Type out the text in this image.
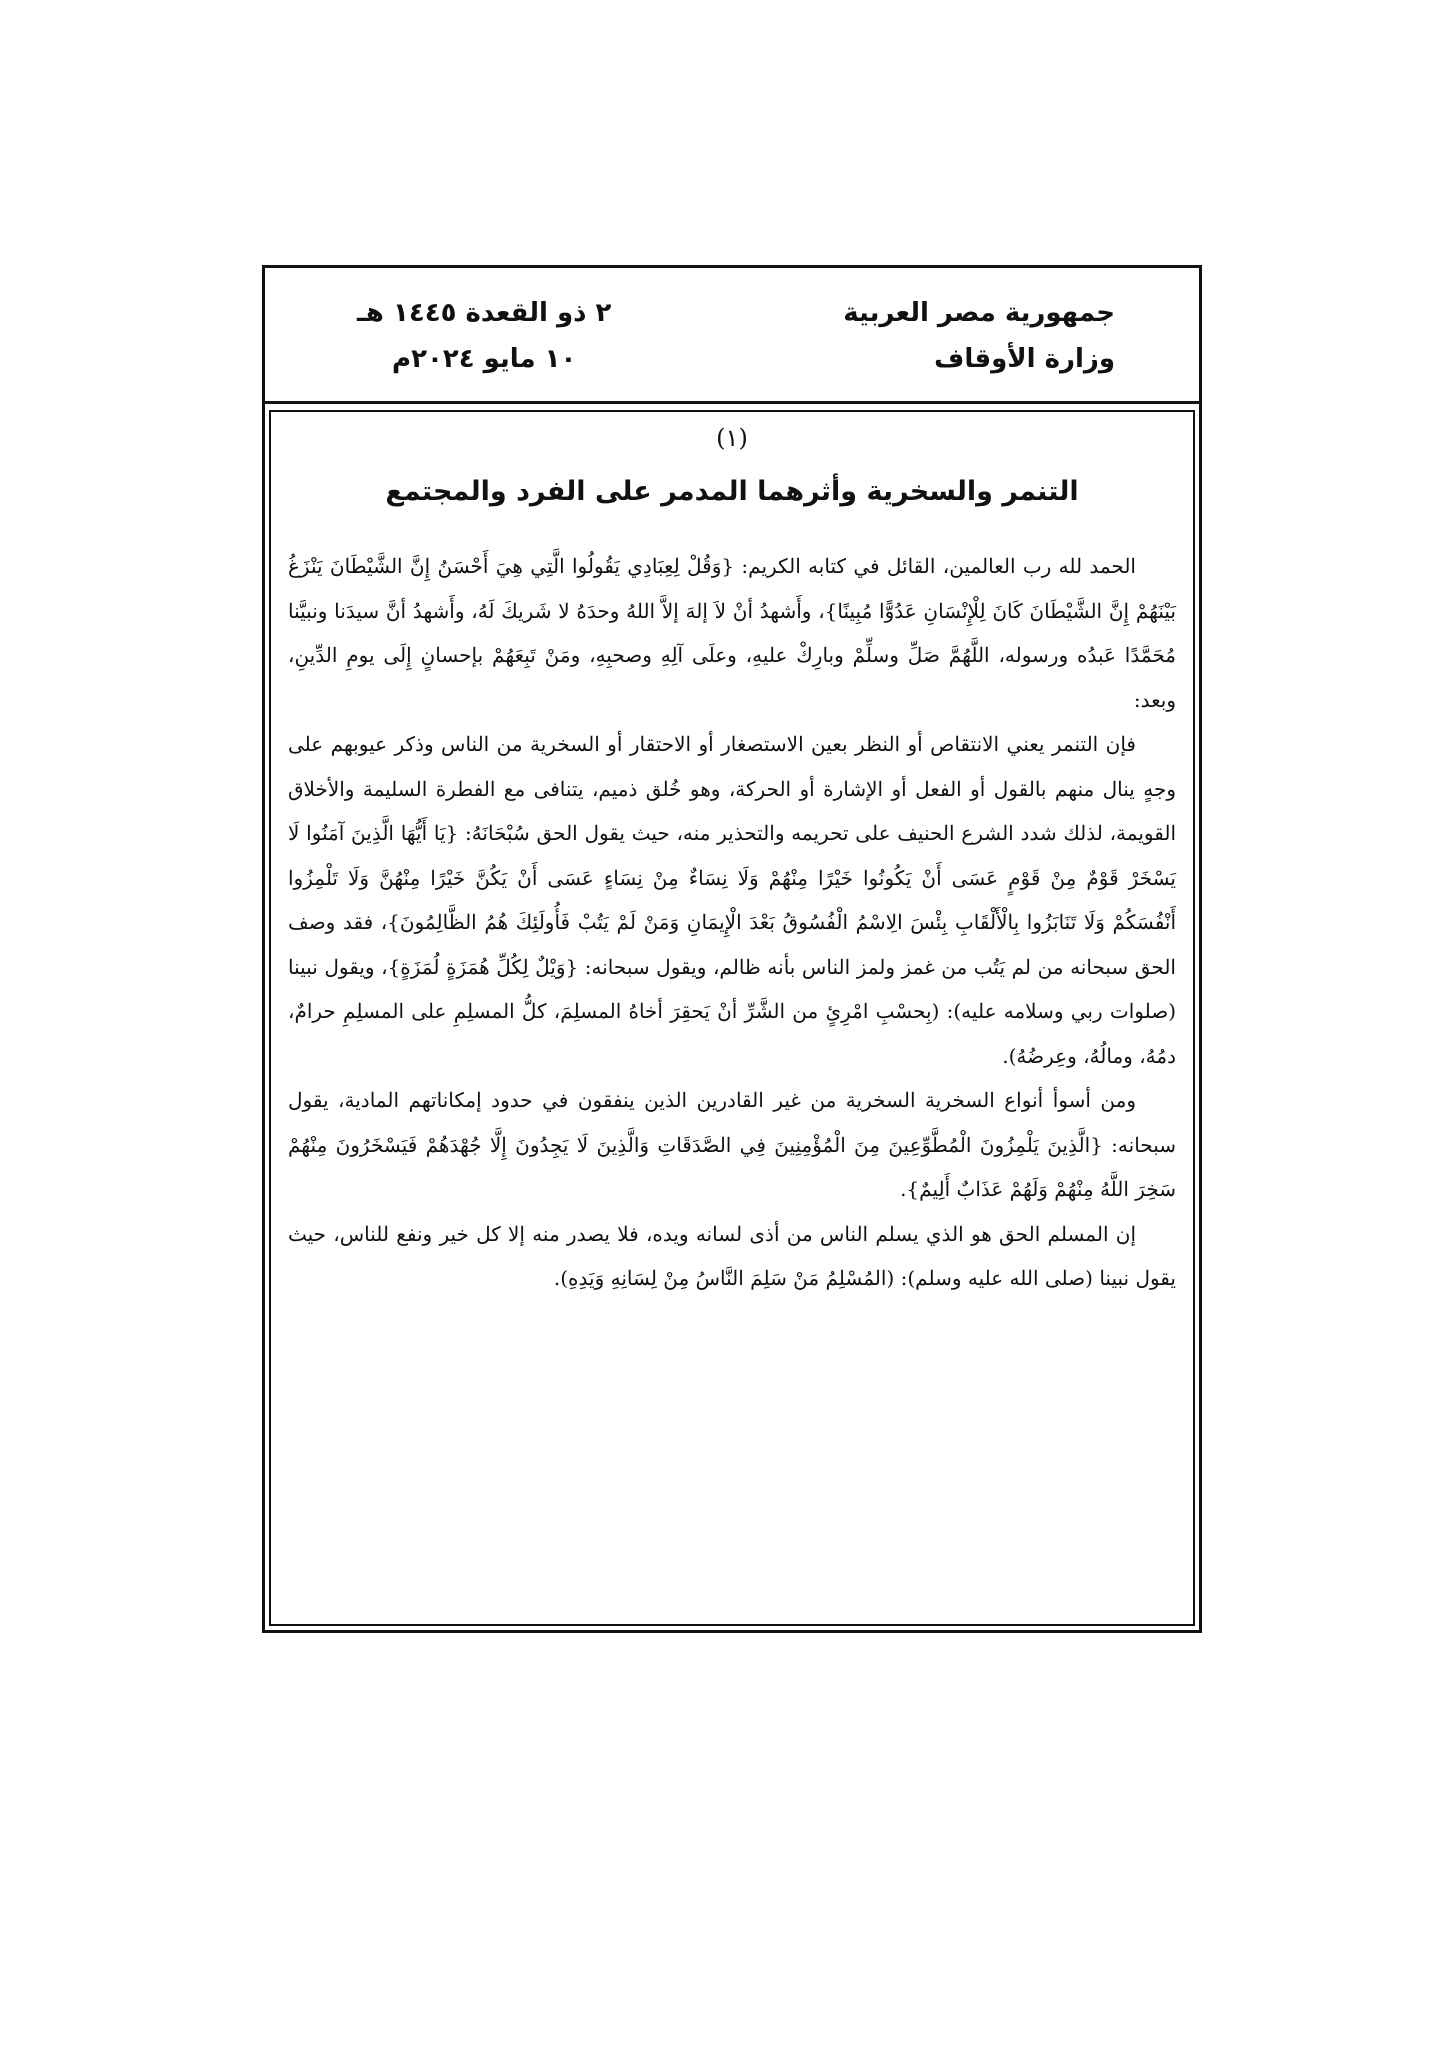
جمهورية مصر العربية
وزارة الأوقاف
٢ ذو القعدة ١٤٤٥ هـ
١٠ مايو ٢٠٢٤م
(١)
التنمر والسخرية وأثرهما المدمر على الفرد والمجتمع

الحمد لله رب العالمين، القائل في كتابه الكريم: {وَقُلْ لِعِبَادِي يَقُولُوا الَّتِي هِيَ أَحْسَنُ إِنَّ الشَّيْطَانَ يَنْزَغُ بَيْنَهُمْ إِنَّ الشَّيْطَانَ كَانَ لِلْإِنْسَانِ عَدُوًّا مُبِينًا}، وأَشهدُ أنْ لاَ إلهَ إلاَّ اللهُ وحدَهُ لا شَريكَ لَهُ، وأَشهدُ أنَّ سيدَنا ونبيَّنا مُحَمَّدًا عَبدُه ورسوله، اللَّهُمَّ صَلِّ وسلِّمْ وبارِكْ عليهِ، وعلَى آلِهِ وصحبِهِ، ومَنْ تَبِعَهُمْ بإحسانٍ إِلَى يومِ الدِّينِ، وبعد:

فإن التنمر يعني الانتقاص أو النظر بعين الاستصغار أو الاحتقار أو السخرية من الناس وذكر عيوبهم على وجهٍ ينال منهم بالقول أو الفعل أو الإشارة أو الحركة، وهو خُلق ذميم، يتنافى مع الفطرة السليمة والأخلاق القويمة، لذلك شدد الشرع الحنيف على تحريمه والتحذير منه، حيث يقول الحق سُبْحَانَهُ: {يَا أَيُّهَا الَّذِينَ آمَنُوا لَا يَسْخَرْ قَوْمٌ مِنْ قَوْمٍ عَسَى أَنْ يَكُونُوا خَيْرًا مِنْهُمْ وَلَا نِسَاءٌ مِنْ نِسَاءٍ عَسَى أَنْ يَكُنَّ خَيْرًا مِنْهُنَّ وَلَا تَلْمِزُوا أَنْفُسَكُمْ وَلَا تَنَابَزُوا بِالْأَلْقَابِ بِئْسَ الِاسْمُ الْفُسُوقُ بَعْدَ الْإِيمَانِ وَمَنْ لَمْ يَتُبْ فَأُولَئِكَ هُمُ الظَّالِمُونَ}، فقد وصف الحق سبحانه من لم يَتُب من غمز ولمز الناس بأنه ظالم، ويقول سبحانه: {وَيْلٌ لِكُلِّ هُمَزَةٍ لُمَزَةٍ}، ويقول نبينا (صلوات ربي وسلامه عليه): (بِحسْبِ امْرِئٍ من الشَّرِّ أنْ يَحقِرَ أخاهُ المسلِمَ، كلُّ المسلِمِ على المسلِمِ حرامٌ، دمُهُ، ومالُهُ، وعِرضُهُ).

ومن أسوأ أنواع السخرية السخرية من غير القادرين الذين ينفقون في حدود إمكاناتهم المادية، يقول سبحانه: {الَّذِينَ يَلْمِزُونَ الْمُطَّوِّعِينَ مِنَ الْمُؤْمِنِينَ فِي الصَّدَقَاتِ وَالَّذِينَ لَا يَجِدُونَ إِلَّا جُهْدَهُمْ فَيَسْخَرُونَ مِنْهُمْ سَخِرَ اللَّهُ مِنْهُمْ وَلَهُمْ عَذَابٌ أَلِيمٌ}.

إن المسلم الحق هو الذي يسلم الناس من أذى لسانه ويده، فلا يصدر منه إلا كل خير ونفع للناس، حيث يقول نبينا (صلى الله عليه وسلم): (المُسْلِمُ مَنْ سَلِمَ النَّاسُ مِنْ لِسَانِهِ وَيَدِهِ).
